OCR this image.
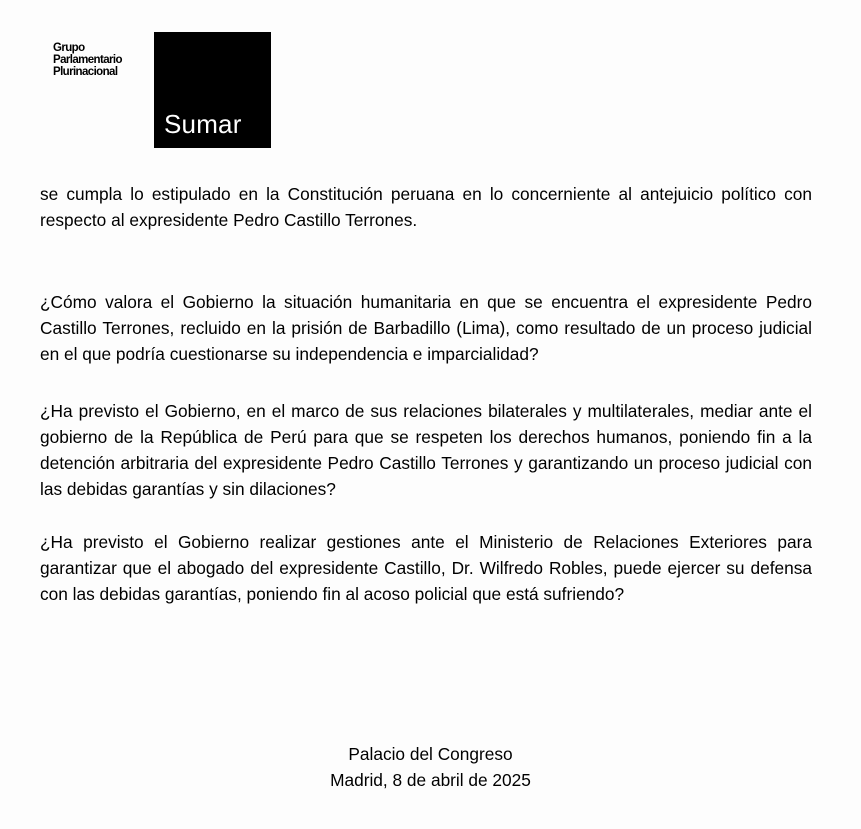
Grupo
Parlamentario
Plurinacional
Sumar
se cumpla lo estipulado en la Constitución peruana en lo concerniente al antejuicio político con respecto al expresidente Pedro Castillo Terrones.
¿Cómo valora el Gobierno la situación humanitaria en que se encuentra el expresidente Pedro Castillo Terrones, recluido en la prisión de Barbadillo (Lima), como resultado de un proceso judicial en el que podría cuestionarse su independencia e imparcialidad?
¿Ha previsto el Gobierno, en el marco de sus relaciones bilaterales y multilaterales, mediar ante el gobierno de la República de Perú para que se respeten los derechos humanos, poniendo fin a la detención arbitraria del expresidente Pedro Castillo Terrones y garantizando un proceso judicial con las debidas garantías y sin dilaciones?
¿Ha previsto el Gobierno realizar gestiones ante el Ministerio de Relaciones Exteriores para garantizar que el abogado del expresidente Castillo, Dr. Wilfredo Robles, puede ejercer su defensa con las debidas garantías, poniendo fin al acoso policial que está sufriendo?
Palacio del Congreso
Madrid, 8 de abril de 2025
